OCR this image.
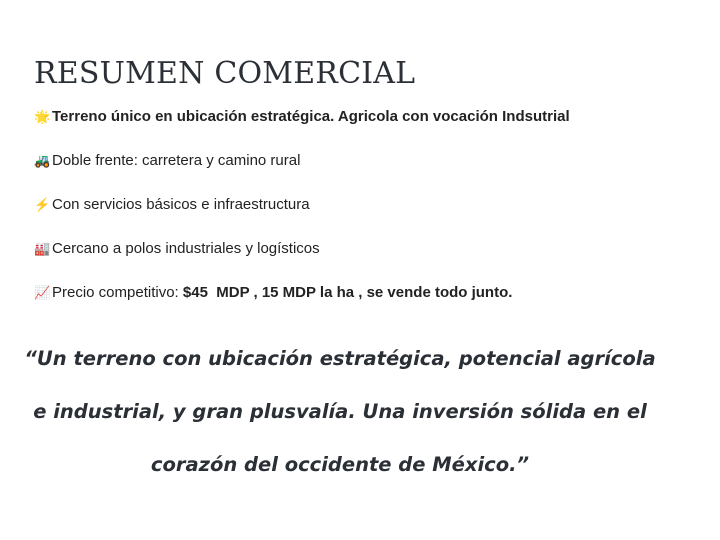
RESUMEN COMERCIAL
🌟 Terreno único en ubicación estratégica. Agricola con vocación Indsutrial
🚜 Doble frente: carretera y camino rural
⚡ Con servicios básicos e infraestructura
🏭 Cercano a polos industriales y logísticos
📈 Precio competitivo: $45  MDP , 15 MDP la ha , se vende todo junto.
“Un terreno con ubicación estratégica, potencial agrícola e industrial, y gran plusvalía. Una inversión sólida en el corazón del occidente de México.”
